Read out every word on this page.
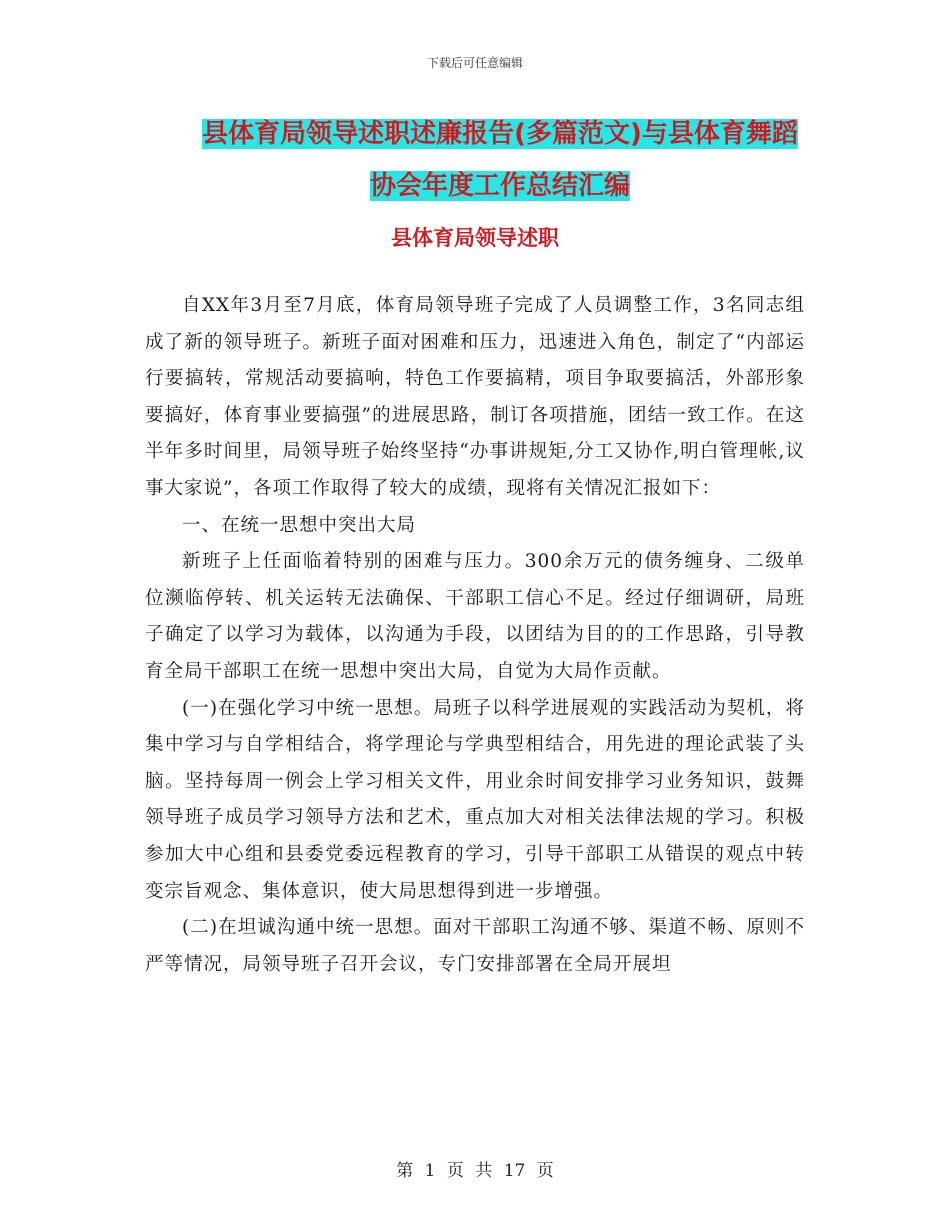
下载后可任意编辑
县体育局领导述职述廉报告(多篇范文)与县体育舞蹈
协会年度工作总结汇编
县体育局领导述职

自XX年3月至7月底，体育局领导班子完成了人员调整工作，3名同志组成了新的领导班子。新班子面对困难和压力，迅速进入角色，制定了“内部运行要搞转，常规活动要搞响，特色工作要搞精，项目争取要搞活，外部形象要搞好，体育事业要搞强”的进展思路，制订各项措施，团结一致工作。在这半年多时间里，局领导班子始终坚持“办事讲规矩,分工又协作,明白管理帐,议事大家说”，各项工作取得了较大的成绩，现将有关情况汇报如下：

一、在统一思想中突出大局

新班子上任面临着特别的困难与压力。300余万元的债务缠身、二级单位濒临停转、机关运转无法确保、干部职工信心不足。经过仔细调研，局班子确定了以学习为载体，以沟通为手段，以团结为目的的工作思路，引导教育全局干部职工在统一思想中突出大局，自觉为大局作贡献。

(一)在强化学习中统一思想。局班子以科学进展观的实践活动为契机，将集中学习与自学相结合，将学理论与学典型相结合，用先进的理论武装了头脑。坚持每周一例会上学习相关文件，用业余时间安排学习业务知识，鼓舞领导班子成员学习领导方法和艺术，重点加大对相关法律法规的学习。积极参加大中心组和县委党委远程教育的学习，引导干部职工从错误的观点中转变宗旨观念、集体意识，使大局思想得到进一步增强。

(二)在坦诚沟通中统一思想。面对干部职工沟通不够、渠道不畅、原则不严等情况，局领导班子召开会议，专门安排部署在全局开展坦

第 1 页 共 17 页
